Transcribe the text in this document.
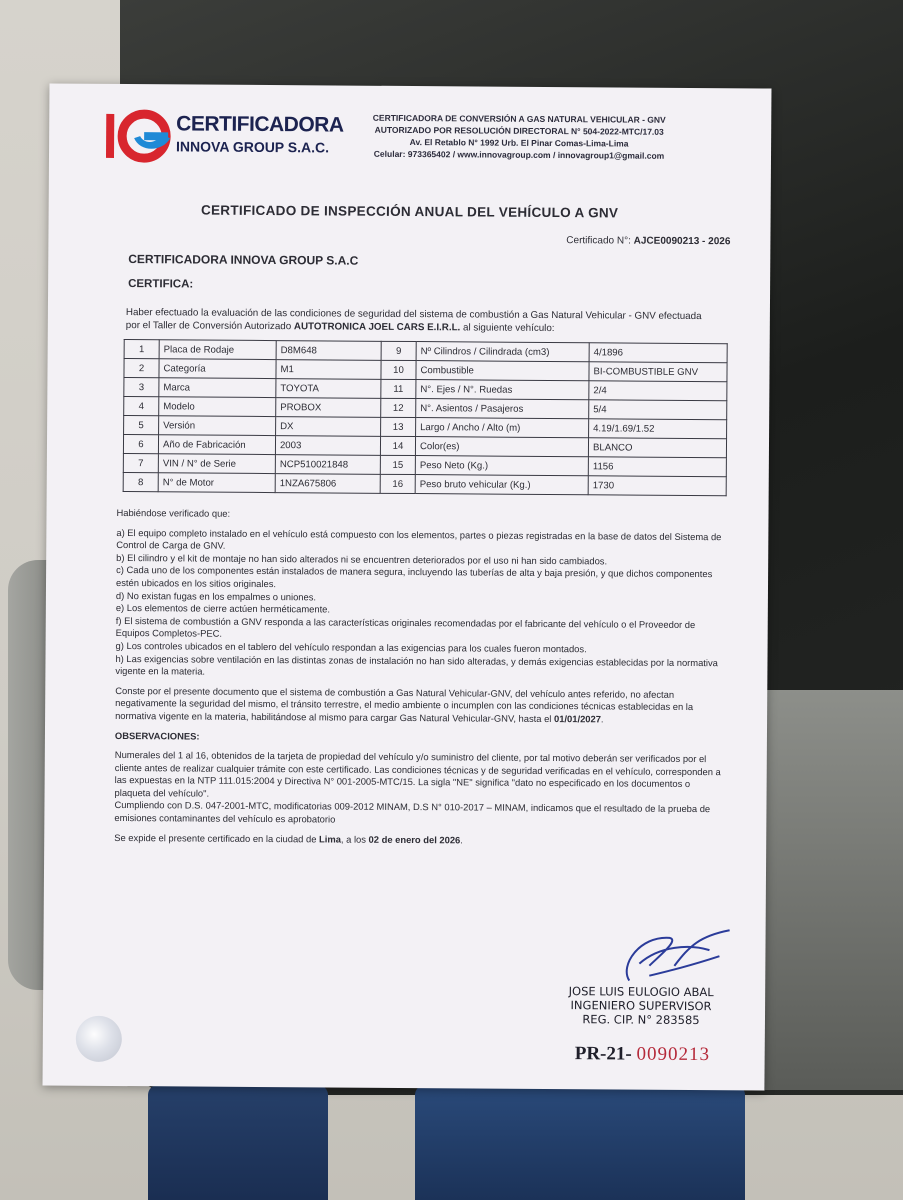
CERTIFICADORA
INNOVA GROUP S.A.C.
CERTIFICADORA DE CONVERSIÓN A GAS NATURAL VEHICULAR - GNV
AUTORIZADO POR RESOLUCIÓN DIRECTORAL N° 504-2022-MTC/17.03
Av. El Retablo N° 1992 Urb. El Pinar Comas-Lima-Lima
Celular: 973365402 / www.innovagroup.com / innovagroup1@gmail.com
CERTIFICADO DE INSPECCIÓN ANUAL DEL VEHÍCULO A GNV
Certificado N°: AJCE0090213 - 2026
CERTIFICADORA INNOVA GROUP S.A.C
CERTIFICA:
Haber efectuado la evaluación de las condiciones de seguridad del sistema de combustión a Gas Natural Vehicular - GNV efectuada por el Taller de Conversión Autorizado AUTOTRONICA JOEL CARS E.I.R.L. al siguiente vehículo:
1	Placa de Rodaje	D8M648	9	Nº Cilindros / Cilindrada (cm3)	4/1896
2	Categoría	M1	10	Combustible	BI-COMBUSTIBLE GNV
3	Marca	TOYOTA	11	N°. Ejes / N°. Ruedas	2/4
4	Modelo	PROBOX	12	N°. Asientos / Pasajeros	5/4
5	Versión	DX	13	Largo / Ancho / Alto (m)	4.19/1.69/1.52
6	Año de Fabricación	2003	14	Color(es)	BLANCO
7	VIN / N° de Serie	NCP510021848	15	Peso Neto (Kg.)	1156
8	N° de Motor	1NZA675806	16	Peso bruto vehicular (Kg.)	1730

Habiéndose verificado que:

a) El equipo completo instalado en el vehículo está compuesto con los elementos, partes o piezas registradas en la base de datos del Sistema de Control de Carga de GNV.

b) El cilindro y el kit de montaje no han sido alterados ni se encuentren deteriorados por el uso ni han sido cambiados.

c) Cada uno de los componentes están instalados de manera segura, incluyendo las tuberías de alta y baja presión, y que dichos componentes estén ubicados en los sitios originales.

d) No existan fugas en los empalmes o uniones.

e) Los elementos de cierre actúen herméticamente.

f) El sistema de combustión a GNV responda a las características originales recomendadas por el fabricante del vehículo o el Proveedor de Equipos Completos-PEC.

g) Los controles ubicados en el tablero del vehículo respondan a las exigencias para los cuales fueron montados.

h) Las exigencias sobre ventilación en las distintas zonas de instalación no han sido alteradas, y demás exigencias establecidas por la normativa vigente en la materia.

Conste por el presente documento que el sistema de combustión a Gas Natural Vehicular-GNV, del vehículo antes referido, no afectan negativamente la seguridad del mismo, el tránsito terrestre, el medio ambiente o incumplen con las condiciones técnicas establecidas en la normativa vigente en la materia, habilitándose al mismo para cargar Gas Natural Vehicular-GNV, hasta el 01/01/2027.

OBSERVACIONES:

Numerales del 1 al 16, obtenidos de la tarjeta de propiedad del vehículo y/o suministro del cliente, por tal motivo deberán ser verificados por el cliente antes de realizar cualquier trámite con este certificado. Las condiciones técnicas y de seguridad verificadas en el vehículo, corresponden a las expuestas en la NTP 111.015:2004 y Directiva N° 001-2005-MTC/15. La sigla "NE" significa "dato no especificado en los documentos o plaqueta del vehículo".

Cumpliendo con D.S. 047-2001-MTC, modificatorias 009-2012 MINAM, D.S N° 010-2017 – MINAM, indicamos que el resultado de la prueba de emisiones contaminantes del vehículo es aprobatorio

Se expide el presente certificado en la ciudad de Lima, a los 02 de enero del 2026.

JOSE LUIS EULOGIO ABAL
INGENIERO SUPERVISOR
REG. CIP. N° 283585
PR-21- 0090213
